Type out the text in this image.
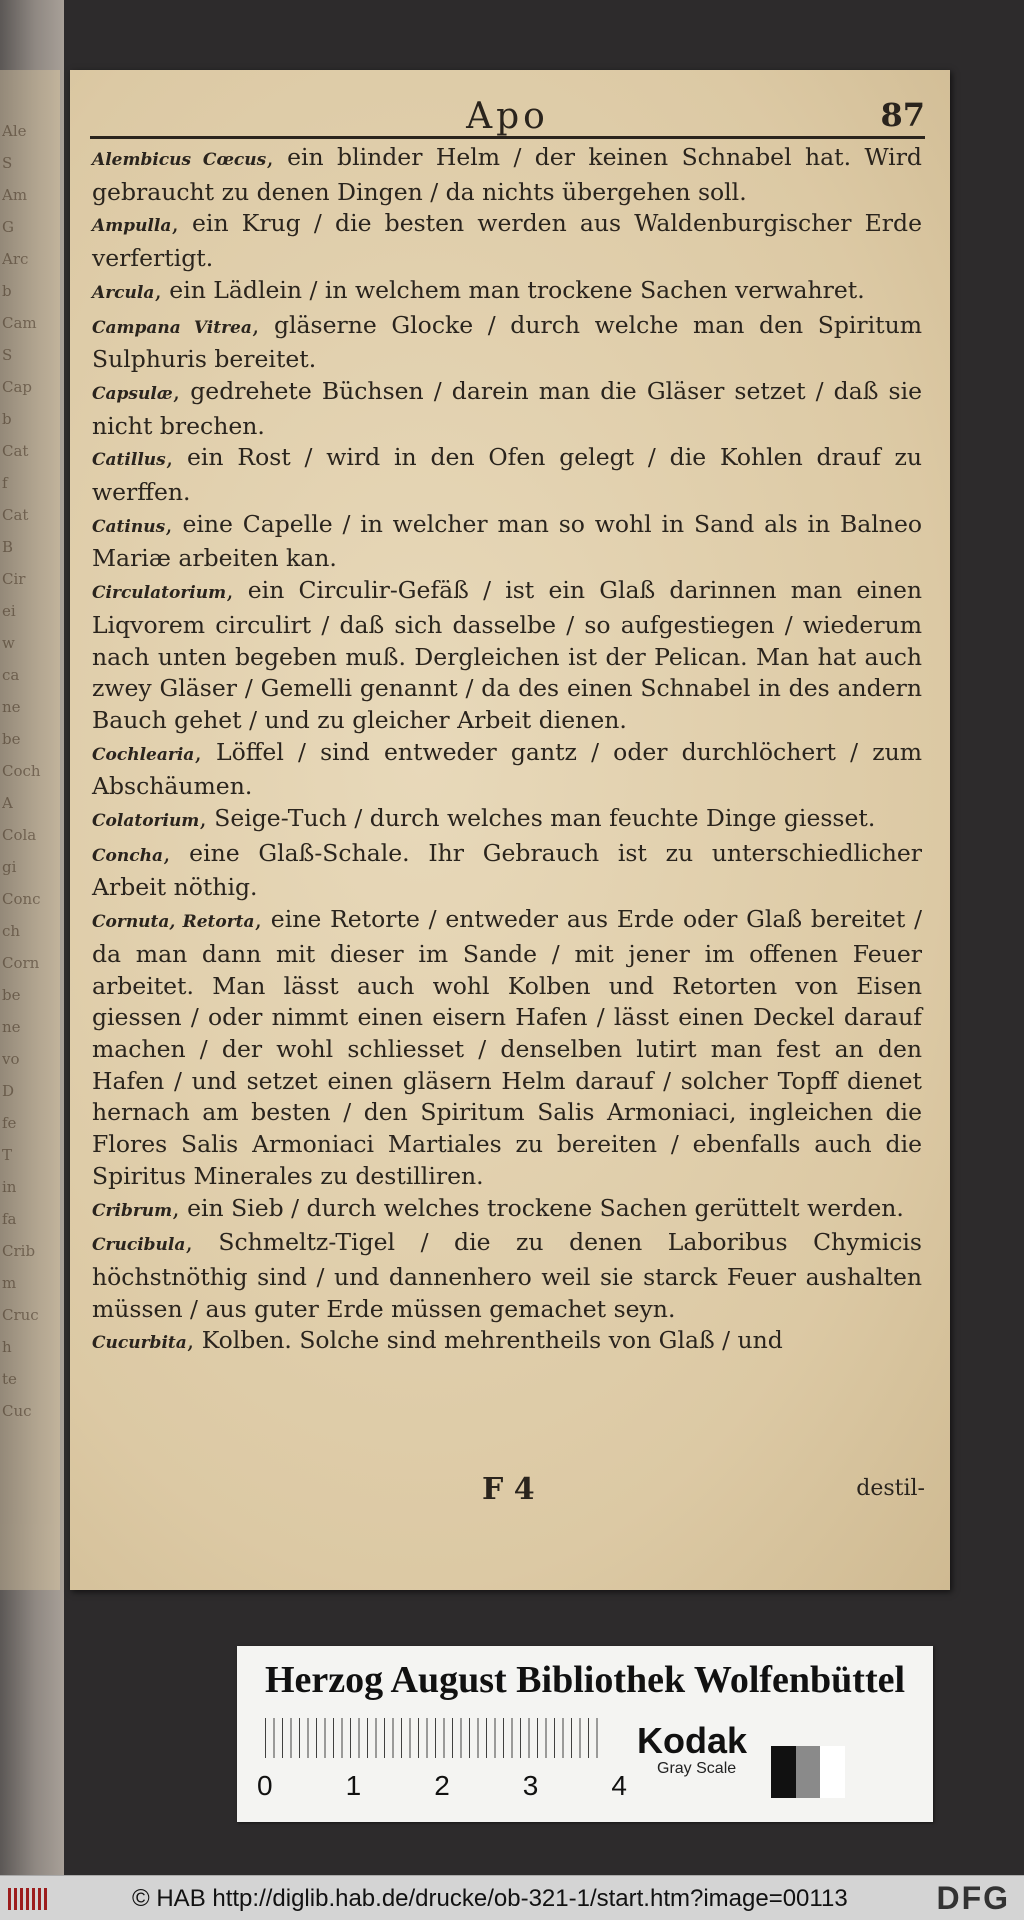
Ale
S
Am
G
Arc
b
Cam
S
Cap
b
Cat
f
Cat
B
Cir
ei
w
ca
ne
be
Coch
A
Cola
gi
Conc
ch
Corn
be
ne
vo
D
fe
T
in
fa
Crib
m
Cruc
h
te
Cuc
Apo	87

Alembicus Cœcus, ein blinder Helm / der keinen Schnabel hat. Wird gebraucht zu denen Dingen / da nichts übergehen soll.

Ampulla, ein Krug / die besten werden aus Waldenburgischer Erde verfertigt.

Arcula, ein Lädlein / in welchem man trockene Sachen verwahret.

Campana Vitrea, gläserne Glocke / durch welche man den Spiritum Sulphuris bereitet.

Capsulæ, gedrehete Büchsen / darein man die Gläser setzet / daß sie nicht brechen.

Catillus, ein Rost / wird in den Ofen gelegt / die Kohlen drauf zu werffen.

Catinus, eine Capelle / in welcher man so wohl in Sand als in Balneo Mariæ arbeiten kan.

Circulatorium, ein Circulir-Gefäß / ist ein Glaß darinnen man einen Liqvorem circulirt / daß sich dasselbe / so aufgestiegen / wiederum nach unten begeben muß. Dergleichen ist der Pelican. Man hat auch zwey Gläser / Gemelli genannt / da des einen Schnabel in des andern Bauch gehet / und zu gleicher Arbeit dienen.

Cochlearia, Löffel / sind entweder gantz / oder durchlöchert / zum Abschäumen.

Colatorium, Seige-Tuch / durch welches man feuchte Dinge giesset.

Concha, eine Glaß-Schale. Ihr Gebrauch ist zu unterschiedlicher Arbeit nöthig.

Cornuta, Retorta, eine Retorte / entweder aus Erde oder Glaß bereitet / da man dann mit dieser im Sande / mit jener im offenen Feuer arbeitet. Man lässt auch wohl Kolben und Retorten von Eisen giessen / oder nimmt einen eisern Hafen / lässt einen Deckel darauf machen / der wohl schliesset / denselben lutirt man fest an den Hafen / und setzet einen gläsern Helm darauf / solcher Topff dienet hernach am besten / den Spiritum Salis Armoniaci, ingleichen die Flores Salis Armoniaci Martiales zu bereiten / ebenfalls auch die Spiritus Minerales zu destilliren.

Cribrum, ein Sieb / durch welches trockene Sachen gerüttelt werden.

Crucibula, Schmeltz-Tigel / die zu denen Laboribus Chymicis höchstnöthig sind / und dannenhero weil sie starck Feuer aushalten müssen / aus guter Erde müssen gemachet seyn.

Cucurbita, Kolben. Solche sind mehrentheils von Glaß / und

F 4	destil-
Herzog August Bibliothek Wolfenbüttel
0	1	2	3	4
Kodak
Gray Scale
© HAB http://diglib.hab.de/drucke/ob-321-1/start.htm?image=00113	DFG
